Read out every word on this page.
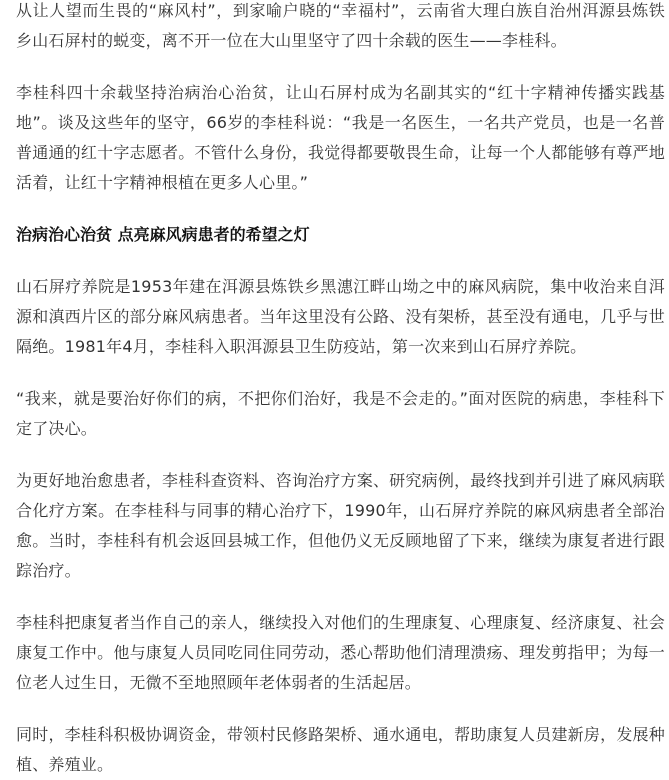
从让人望而生畏的“麻风村”，到家喻户晓的“幸福村”，云南省大理白族自治州洱源县炼铁乡山石屏村的蜕变，离不开一位在大山里坚守了四十余载的医生——李桂科。

李桂科四十余载坚持治病治心治贫，让山石屏村成为名副其实的“红十字精神传播实践基地”。谈及这些年的坚守，66岁的李桂科说：“我是一名医生，一名共产党员，也是一名普普通通的红十字志愿者。不管什么身份，我觉得都要敬畏生命，让每一个人都能够有尊严地活着，让红十字精神根植在更多人心里。”

治病治心治贫 点亮麻风病患者的希望之灯

山石屏疗养院是1953年建在洱源县炼铁乡黑潓江畔山坳之中的麻风病院，集中收治来自洱源和滇西片区的部分麻风病患者。当年这里没有公路、没有架桥，甚至没有通电，几乎与世隔绝。1981年4月，李桂科入职洱源县卫生防疫站，第一次来到山石屏疗养院。

“我来，就是要治好你们的病，不把你们治好，我是不会走的。”面对医院的病患，李桂科下定了决心。

为更好地治愈患者，李桂科查资料、咨询治疗方案、研究病例，最终找到并引进了麻风病联合化疗方案。在李桂科与同事的精心治疗下，1990年，山石屏疗养院的麻风病患者全部治愈。当时，李桂科有机会返回县城工作，但他仍义无反顾地留了下来，继续为康复者进行跟踪治疗。

李桂科把康复者当作自己的亲人，继续投入对他们的生理康复、心理康复、经济康复、社会康复工作中。他与康复人员同吃同住同劳动，悉心帮助他们清理溃疡、理发剪指甲；为每一位老人过生日，无微不至地照顾年老体弱者的生活起居。

同时，李桂科积极协调资金，带领村民修路架桥、通水通电，帮助康复人员建新房，发展种植、养殖业。
